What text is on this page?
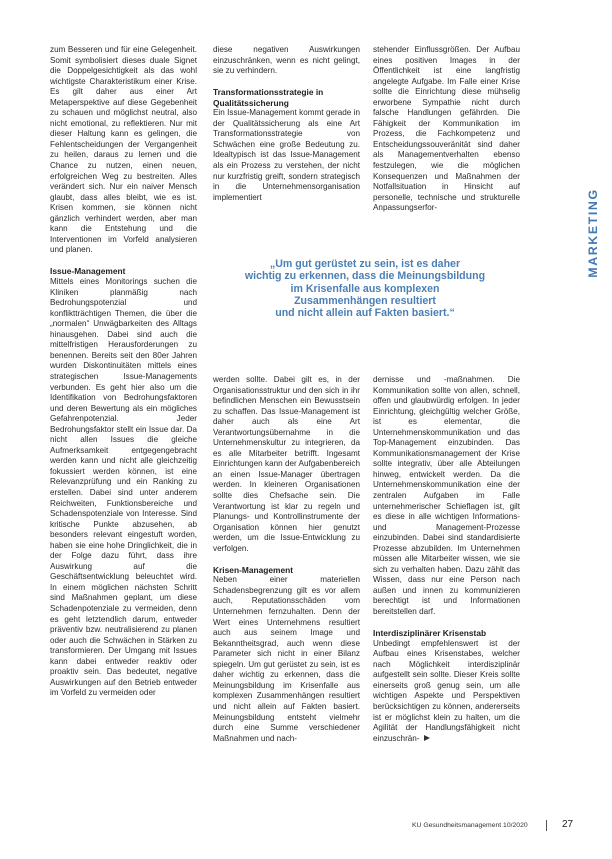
MARKETING

zum Besseren und für eine Gelegenheit. Somit symbolisiert dieses duale Signet die Doppelgesichtigkeit als das wohl wichtigste Charakteristikum einer Krise. Es gilt daher aus einer Art Metaperspektive auf diese Gegebenheit zu schauen und möglichst neutral, also nicht emotional, zu reflektieren. Nur mit dieser Haltung kann es gelingen, die Fehlentscheidungen der Vergangenheit zu heilen, daraus zu lernen und die Chance zu nutzen, einen neuen, erfolgreichen Weg zu bestreiten. Alles verändert sich. Nur ein naiver Mensch glaubt, dass alles bleibt, wie es ist. Krisen kommen, sie können nicht gänzlich verhindert werden, aber man kann die Entstehung und die Interventionen im Vorfeld analysieren und planen.

Issue-Management

Mittels eines Monitorings suchen die Kliniken planmäßig nach Bedrohungspotenzial und konfliktträchtigen Themen, die über die „normalen“ Unwägbarkeiten des Alltags hinausgehen. Dabei sind auch die mittelfristigen Herausforderungen zu benennen. Bereits seit den 80er Jahren wurden Diskontinuitäten mittels eines strategischen Issue-Managements verbunden. Es geht hier also um die Identifikation von Bedrohungsfaktoren und deren Bewertung als ein mögliches Gefahrenpotenzial. Jeder Bedrohungsfaktor stellt ein Issue dar. Da nicht allen Issues die gleiche Aufmerksamkeit entgegengebracht werden kann und nicht alle gleichzeitig fokussiert werden können, ist eine Relevanzprüfung und ein Ranking zu erstellen. Dabei sind unter anderem Reichweiten, Funktionsbereiche und Schadenspotenziale von Interesse. Sind kritische Punkte abzusehen, ab besonders relevant eingestuft worden, haben sie eine hohe Dringlichkeit, die in der Folge dazu führt, dass ihre Auswirkung auf die Geschäftsentwicklung beleuchtet wird. In einem möglichen nächsten Schritt sind Maßnahmen geplant, um diese Schadenpotenziale zu vermeiden, denn es geht letztendlich darum, entweder präventiv bzw. neutralisierend zu planen oder auch die Schwächen in Stärken zu transformieren. Der Umgang mit Issues kann dabei entweder reaktiv oder proaktiv sein. Das bedeutet, negative Auswirkungen auf den Betrieb entweder im Vorfeld zu vermeiden oder

diese negativen Auswirkungen einzuschränken, wenn es nicht gelingt, sie zu verhindern.

Transformationsstrategie in Qualitätssicherung

Ein Issue-Management kommt gerade in der Qualitätssicherung als eine Art Transformationsstrategie von Schwächen eine große Bedeutung zu. Idealtypisch ist das Issue-Management als ein Prozess zu verstehen, der nicht nur kurzfristig greift, sondern strategisch in die Unternehmensorganisation implementiert

stehender Einflussgrößen. Der Aufbau eines positiven Images in der Öffentlichkeit ist eine langfristig angelegte Aufgabe. Im Falle einer Krise sollte die Einrichtung diese mühselig erworbene Sympathie nicht durch falsche Handlungen gefährden. Die Fähigkeit der Kommunikation im Prozess, die Fachkompetenz und Entscheidungssouveränität sind daher als Managementverhalten ebenso festzulegen, wie die möglichen Konsequenzen und Maßnahmen der Notfallsituation in Hinsicht auf personelle, technische und strukturelle Anpassungserfor-

„Um gut gerüstet zu sein, ist es daher
wichtig zu erkennen, dass die Meinungsbildung
im Krisenfalle aus komplexen
Zusammenhängen resultiert
und nicht allein auf Fakten basiert.“

werden sollte. Dabei gilt es, in der Organisationsstruktur und den sich in ihr befindlichen Menschen ein Bewusstsein zu schaffen. Das Issue-Management ist daher auch als eine Art Verantwortungsübernahme in die Unternehmenskultur zu integrieren, da es alle Mitarbeiter betrifft. Ingesamt Einrichtungen kann der Aufgabenbereich an einen Issue-Manager übertragen werden. In kleineren Organisationen sollte dies Chefsache sein. Die Verantwortung ist klar zu regeln und Planungs- und Kontrollinstrumente der Organisation können hier genutzt werden, um die Issue-Entwicklung zu verfolgen.

Krisen-Management

Neben einer materiellen Schadensbegrenzung gilt es vor allem auch, Reputationsschäden vom Unternehmen fernzuhalten. Denn der Wert eines Unternehmens resultiert auch aus seinem Image und Bekanntheitsgrad, auch wenn diese Parameter sich nicht in einer Bilanz spiegeln. Um gut gerüstet zu sein, ist es daher wichtig zu erkennen, dass die Meinungsbildung im Krisenfalle aus komplexen Zusammenhängen resultiert und nicht allein auf Fakten basiert. Meinungsbildung entsteht vielmehr durch eine Summe verschiedener Maßnahmen und nach-

dernisse und -maßnahmen. Die Kommunikation sollte von allen, schnell, offen und glaubwürdig erfolgen. In jeder Einrichtung, gleichgültig welcher Größe, ist es elementar, die Unternehmenskommunikation und das Top-Management einzubinden. Das Kommunikationsmanagement der Krise sollte integrativ, über alle Abteilungen hinweg, entwickelt werden. Da die Unternehmenskommunikation eine der zentralen Aufgaben im Falle unternehmerischer Schieflagen ist, gilt es diese in alle wichtigen Informations- und Management-Prozesse einzubinden. Dabei sind standardisierte Prozesse abzubilden. Im Unternehmen müssen alle Mitarbeiter wissen, wie sie sich zu verhalten haben. Dazu zählt das Wissen, dass nur eine Person nach außen und innen zu kommunizieren berechtigt ist und Informationen bereitstellen darf.

Interdisziplinärer Krisenstab

Unbedingt empfehlenswert ist der Aufbau eines Krisenstabes, welcher nach Möglichkeit interdisziplinär aufgestellt sein sollte. Dieser Kreis sollte einerseits groß genug sein, um alle wichtigen Aspekte und Perspektiven berücksichtigen zu können, andererseits ist er möglichst klein zu halten, um die Agilität der Handlungsfähigkeit nicht einzuschrän-

KU Gesundheitsmanagement 10/2020	27
